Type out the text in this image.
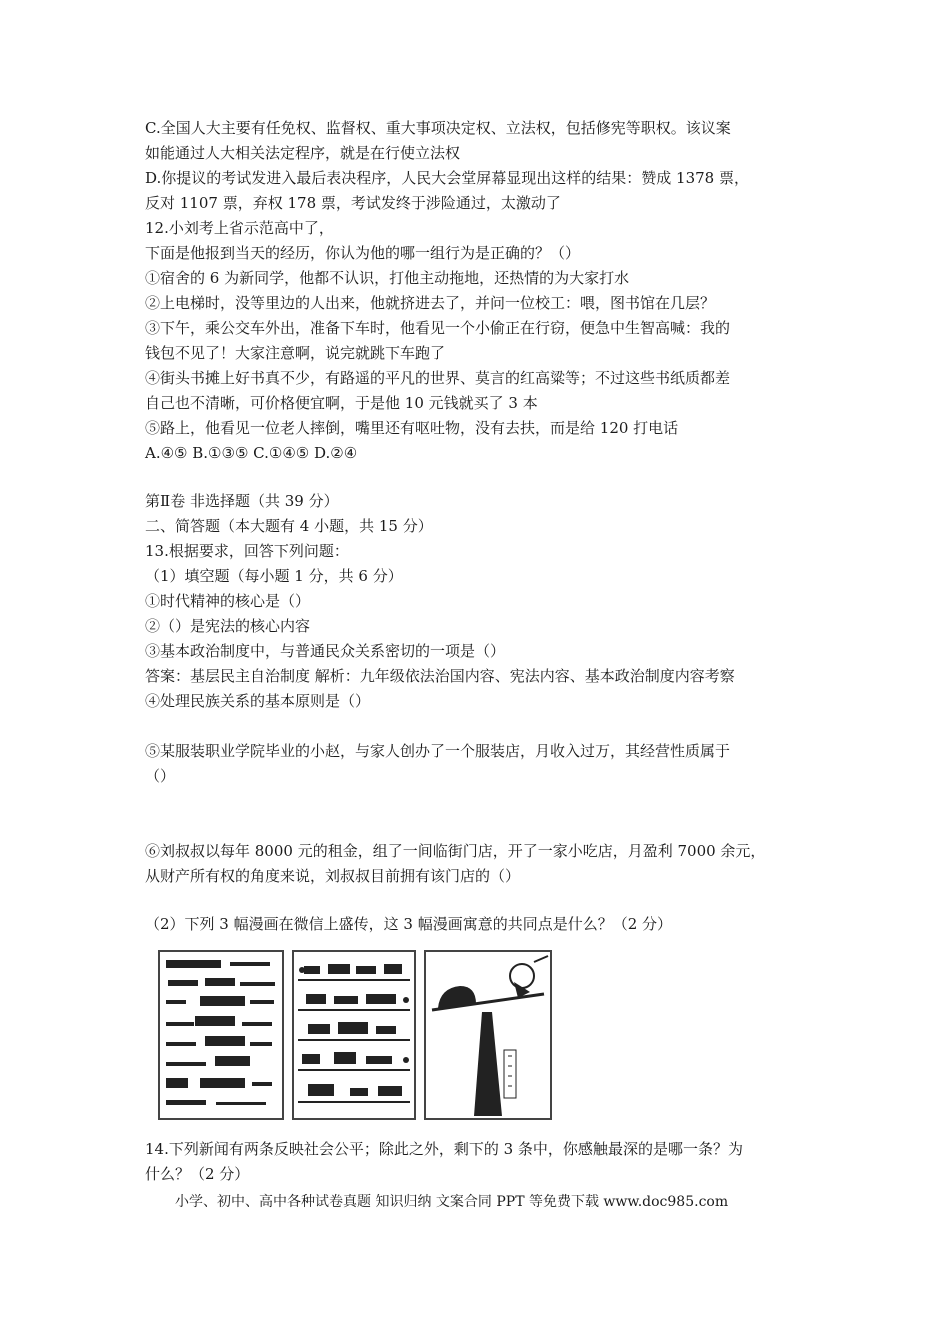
C.全国人大主要有任免权、监督权、重大事项决定权、立法权，包括修宪等职权。该议案
如能通过人大相关法定程序，就是在行使立法权
D.你提议的考试发进入最后表决程序，人民大会堂屏幕显现出这样的结果：赞成 1378 票，
反对 1107 票，弃权 178 票，考试发终于涉险通过，太激动了
12.小刘考上省示范高中了，
下面是他报到当天的经历，你认为他的哪一组行为是正确的？（）
①宿舍的 6 为新同学，他都不认识，打他主动拖地，还热情的为大家打水
②上电梯时，没等里边的人出来，他就挤进去了，并问一位校工：喂，图书馆在几层？
③下午，乘公交车外出，准备下车时，他看见一个小偷正在行窃，便急中生智高喊：我的
钱包不见了！大家注意啊，说完就跳下车跑了
④街头书摊上好书真不少，有路遥的平凡的世界、莫言的红高粱等；不过这些书纸质都差
自己也不清晰，可价格便宜啊，于是他 10 元钱就买了 3 本
⑤路上，他看见一位老人摔倒，嘴里还有呕吐物，没有去扶，而是给 120 打电话
A.④⑤ B.①③⑤ C.①④⑤ D.②④
第Ⅱ卷 非选择题（共 39 分）
二、简答题（本大题有 4 小题，共 15 分）
13.根据要求，回答下列问题：
（1）填空题（每小题 1 分，共 6 分）
①时代精神的核心是（）
②（）是宪法的核心内容
③基本政治制度中，与普通民众关系密切的一项是（）
答案：基层民主自治制度 解析：九年级依法治国内容、宪法内容、基本政治制度内容考察
④处理民族关系的基本原则是（）
⑤某服装职业学院毕业的小赵，与家人创办了一个服装店，月收入过万，其经营性质属于
（）
⑥刘叔叔以每年 8000 元的租金，组了一间临街门店，开了一家小吃店，月盈利 7000 余元，
从财产所有权的角度来说，刘叔叔目前拥有该门店的（）
（2）下列 3 幅漫画在微信上盛传，这 3 幅漫画寓意的共同点是什么？（2 分）
14.下列新闻有两条反映社会公平；除此之外，剩下的 3 条中，你感触最深的是哪一条？为
什么？（2 分）
小学、初中、高中各种试卷真题 知识归纳 文案合同 PPT 等免费下载 www.doc985.com
